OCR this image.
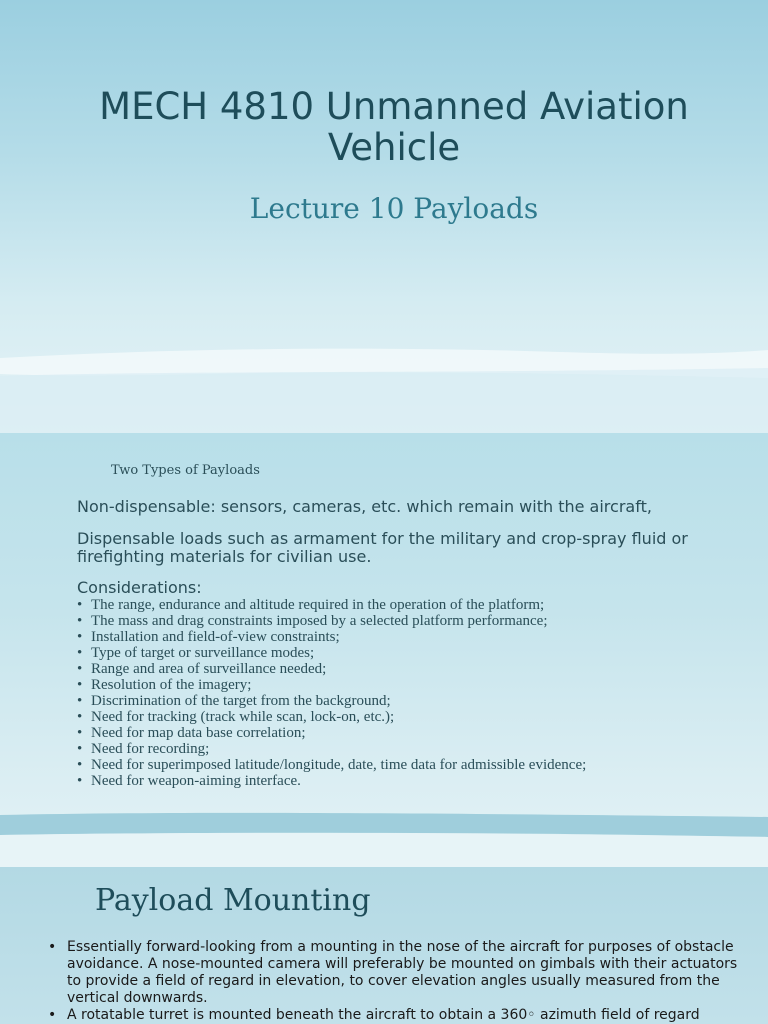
MECH 4810 Unmanned Aviation Vehicle
Lecture 10 Payloads
Two Types of Payloads
Non-dispensable: sensors, cameras, etc. which remain with the aircraft,
Dispensable loads such as armament for the military and crop-spray fluid or firefighting materials for civilian use.
Considerations:
• The range, endurance and altitude required in the operation of the platform;
• The mass and drag constraints imposed by a selected platform performance;
• Installation and field-of-view constraints;
• Type of target or surveillance modes;
• Range and area of surveillance needed;
• Resolution of the imagery;
• Discrimination of the target from the background;
• Need for tracking (track while scan, lock-on, etc.);
• Need for map data base correlation;
• Need for recording;
• Need for superimposed latitude/longitude, date, time data for admissible evidence;
• Need for weapon-aiming interface.
Payload Mounting
• Essentially forward-looking from a mounting in the nose of the aircraft for purposes of obstacle avoidance. A nose-mounted camera will preferably be mounted on gimbals with their actuators to provide a field of regard in elevation, to cover elevation angles usually measured from the vertical downwards.
• A rotatable turret is mounted beneath the aircraft to obtain a 360◦ azimuth field of regard
